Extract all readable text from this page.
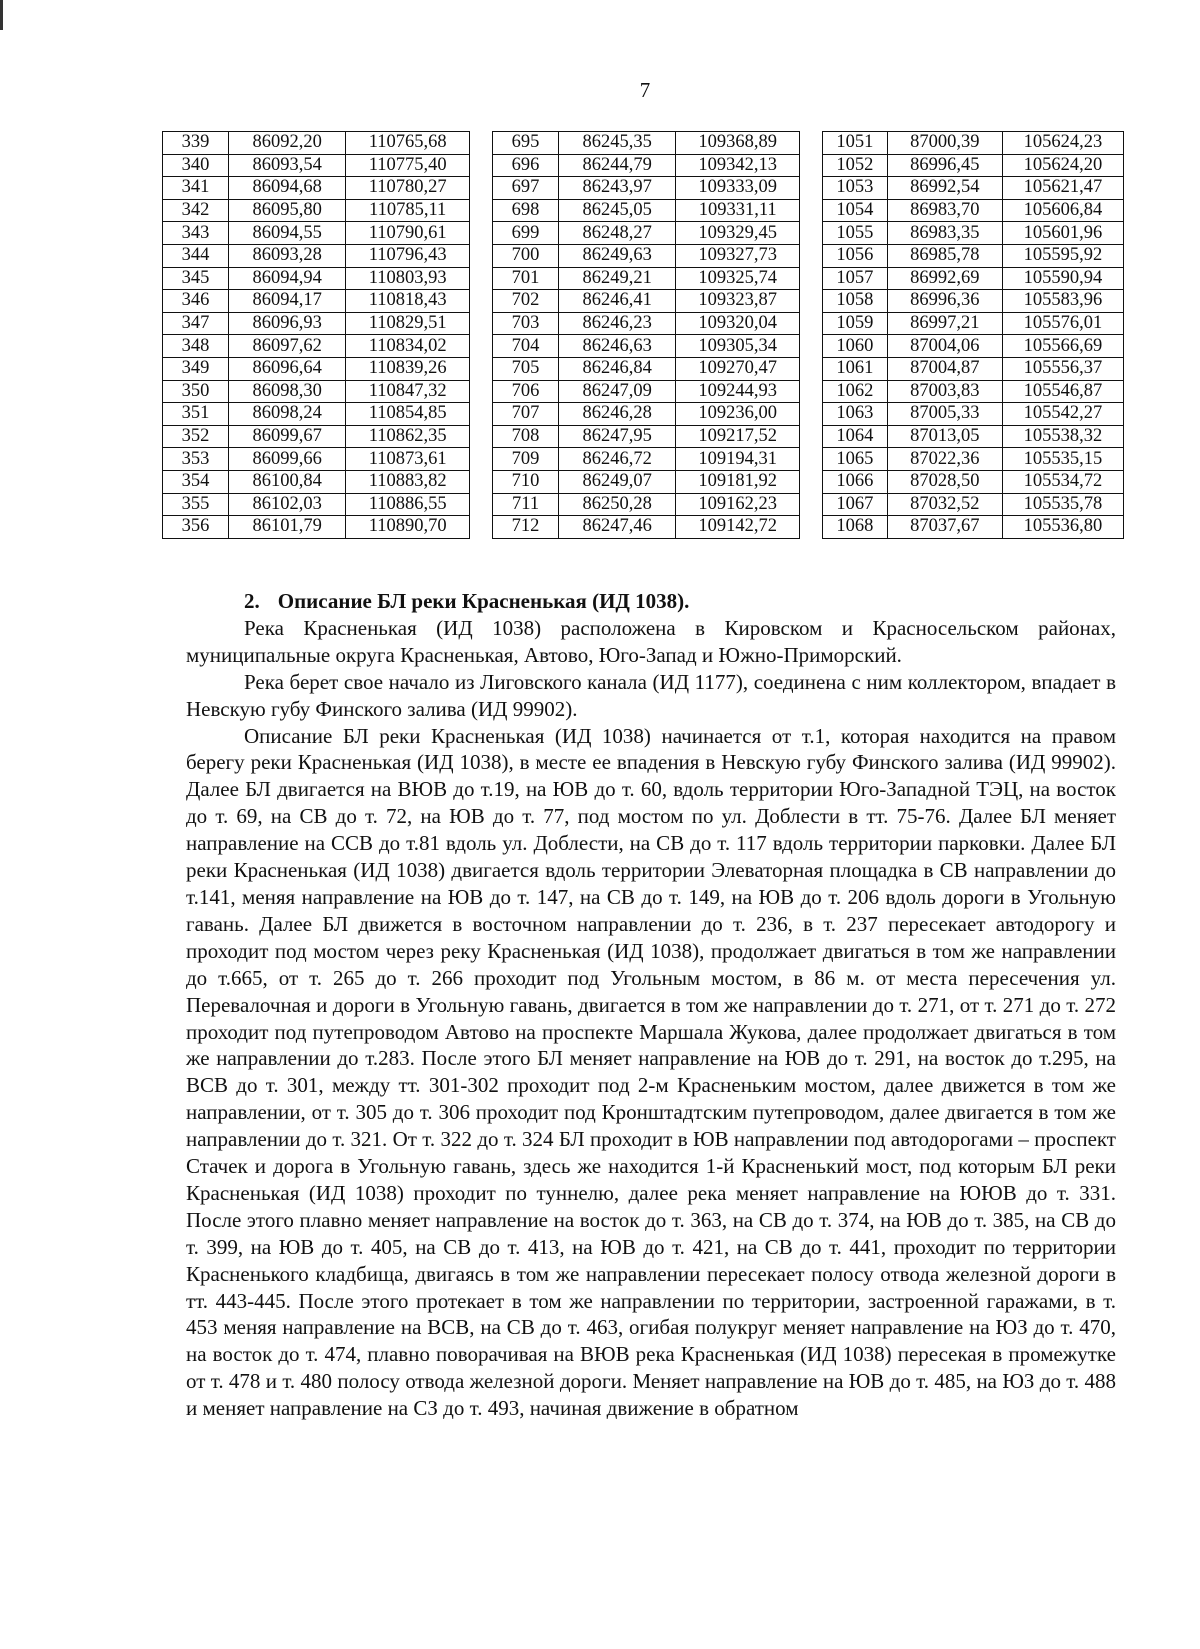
7
339	86092,20	110765,68
340	86093,54	110775,40
341	86094,68	110780,27
342	86095,80	110785,11
343	86094,55	110790,61
344	86093,28	110796,43
345	86094,94	110803,93
346	86094,17	110818,43
347	86096,93	110829,51
348	86097,62	110834,02
349	86096,64	110839,26
350	86098,30	110847,32
351	86098,24	110854,85
352	86099,67	110862,35
353	86099,66	110873,61
354	86100,84	110883,82
355	86102,03	110886,55
356	86101,79	110890,70
695	86245,35	109368,89
696	86244,79	109342,13
697	86243,97	109333,09
698	86245,05	109331,11
699	86248,27	109329,45
700	86249,63	109327,73
701	86249,21	109325,74
702	86246,41	109323,87
703	86246,23	109320,04
704	86246,63	109305,34
705	86246,84	109270,47
706	86247,09	109244,93
707	86246,28	109236,00
708	86247,95	109217,52
709	86246,72	109194,31
710	86249,07	109181,92
711	86250,28	109162,23
712	86247,46	109142,72
1051	87000,39	105624,23
1052	86996,45	105624,20
1053	86992,54	105621,47
1054	86983,70	105606,84
1055	86983,35	105601,96
1056	86985,78	105595,92
1057	86992,69	105590,94
1058	86996,36	105583,96
1059	86997,21	105576,01
1060	87004,06	105566,69
1061	87004,87	105556,37
1062	87003,83	105546,87
1063	87005,33	105542,27
1064	87013,05	105538,32
1065	87022,36	105535,15
1066	87028,50	105534,72
1067	87032,52	105535,78
1068	87037,67	105536,80
2. Описание БЛ реки Красненькая (ИД 1038).

Река Красненькая (ИД 1038) расположена в Кировском и Красносельском районах, муниципальные округа Красненькая, Автово, Юго-Запад и Южно-Приморский.

Река берет свое начало из Лиговского канала (ИД 1177), соединена с ним коллектором, впадает в Невскую губу Финского залива (ИД 99902).

Описание БЛ реки Красненькая (ИД 1038) начинается от т.1, которая находится на правом берегу реки Красненькая (ИД 1038), в месте ее впадения в Невскую губу Финского залива (ИД 99902). Далее БЛ двигается на ВЮВ до т.19, на ЮВ до т. 60, вдоль территории Юго-Западной ТЭЦ, на восток до т. 69, на СВ до т. 72, на ЮВ до т. 77, под мостом по ул. Доблести в тт. 75-76. Далее БЛ меняет направление на ССВ до т.81 вдоль ул. Доблести, на СВ до т. 117 вдоль территории парковки. Далее БЛ реки Красненькая (ИД 1038) двигается вдоль территории Элеваторная площадка в СВ направлении до т.141, меняя направление на ЮВ до т. 147, на СВ до т. 149, на ЮВ до т. 206 вдоль дороги в Угольную гавань. Далее БЛ движется в восточном направлении до т. 236, в т. 237 пересекает автодорогу и проходит под мостом через реку Красненькая (ИД 1038), продолжает двигаться в том же направлении до т.665, от т. 265 до т. 266 проходит под Угольным мостом, в 86 м. от места пересечения ул. Перевалочная и дороги в Угольную гавань, двигается в том же направлении до т. 271, от т. 271 до т. 272 проходит под путепроводом Автово на проспекте Маршала Жукова, далее продолжает двигаться в том же направлении до т.283. После этого БЛ меняет направление на ЮВ до т. 291, на восток до т.295, на ВСВ до т. 301, между тт. 301-302 проходит под 2-м Красненьким мостом, далее движется в том же направлении, от т. 305 до т. 306 проходит под Кронштадтским путепроводом, далее двигается в том же направлении до т. 321. От т. 322 до т. 324 БЛ проходит в ЮВ направлении под автодорогами – проспект Стачек и дорога в Угольную гавань, здесь же находится 1-й Красненький мост, под которым БЛ реки Красненькая (ИД 1038) проходит по туннелю, далее река меняет направление на ЮЮВ до т. 331. После этого плавно меняет направление на восток до т. 363, на СВ до т. 374, на ЮВ до т. 385, на СВ до т. 399, на ЮВ до т. 405, на СВ до т. 413, на ЮВ до т. 421, на СВ до т. 441, проходит по территории Красненького кладбища, двигаясь в том же направлении пересекает полосу отвода железной дороги в тт. 443-445. После этого протекает в том же направлении по территории, застроенной гаражами, в т. 453 меняя направление на ВСВ, на СВ до т. 463, огибая полукруг меняет направление на ЮЗ до т. 470, на восток до т. 474, плавно поворачивая на ВЮВ река Красненькая (ИД 1038) пересекая в промежутке от т. 478 и т. 480 полосу отвода железной дороги. Меняет направление на ЮВ до т. 485, на ЮЗ до т. 488 и меняет направление на СЗ до т. 493, начиная движение в обратном
